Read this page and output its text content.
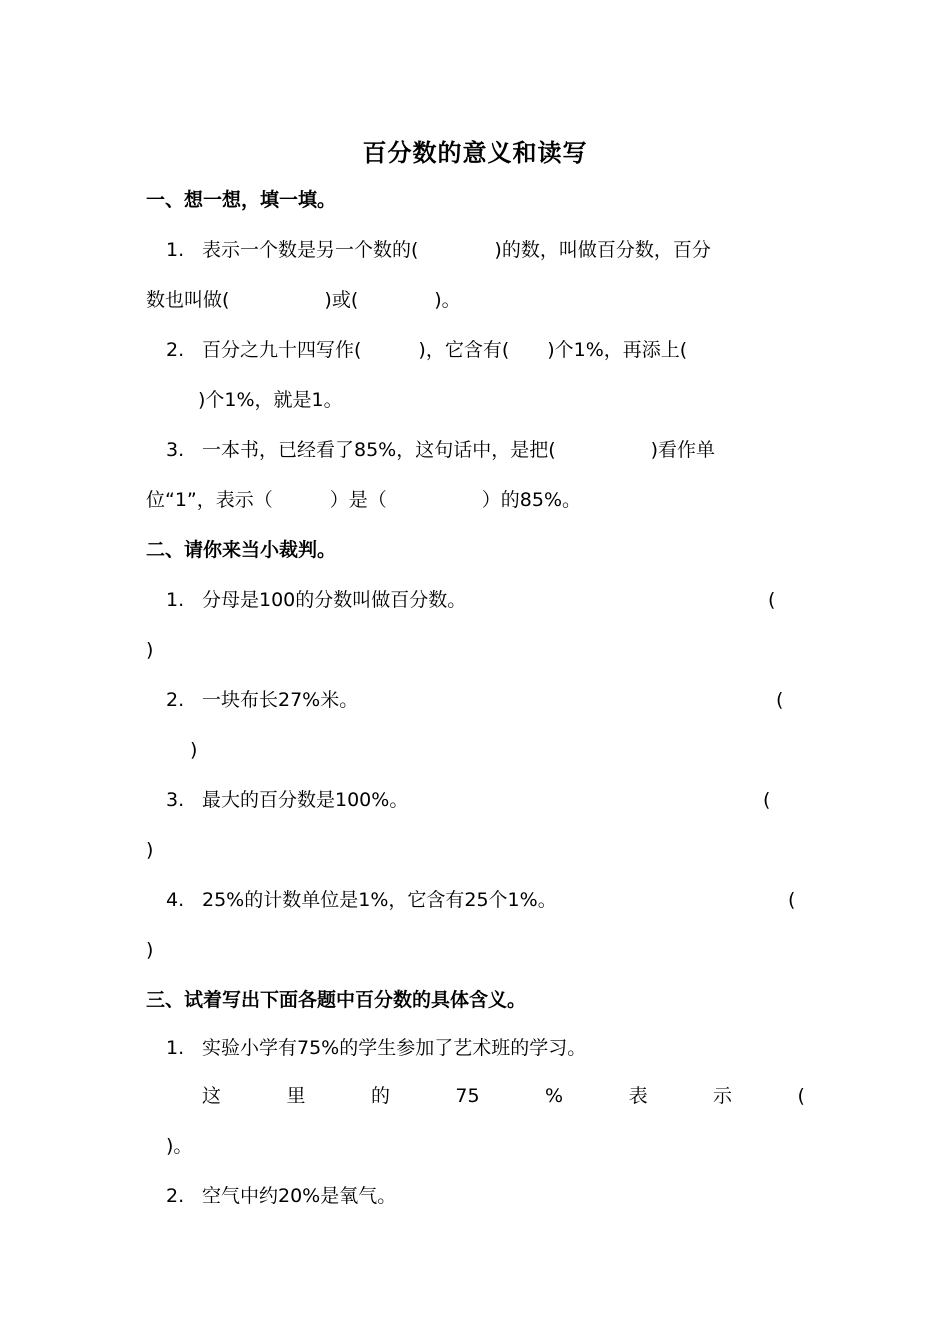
百分数的意义和读写
一、想一想，填一填。
1. 表示一个数是另一个数的(　　　　)的数，叫做百分数，百分
数也叫做(　　　　　)或(　　　　)。
2. 百分之九十四写作(　　　)，它含有(　　)个1%，再添上(
)个1%，就是1。
3. 一本书，已经看了85%，这句话中，是把(　　　　　)看作单
位“1”，表示（　　　）是（　　　　　）的85%。
二、请你来当小裁判。
1. 分母是100的分数叫做百分数。	(
)
2. 一块布长27%米。	(
)
3. 最大的百分数是100%。	(
)
4. 25%的计数单位是1%，它含有25个1%。	(
)
三、试着写出下面各题中百分数的具体含义。
1. 实验小学有75%的学生参加了艺术班的学习。
这	里	的	75	%	表	示	(
)。
2. 空气中约20%是氧气。
